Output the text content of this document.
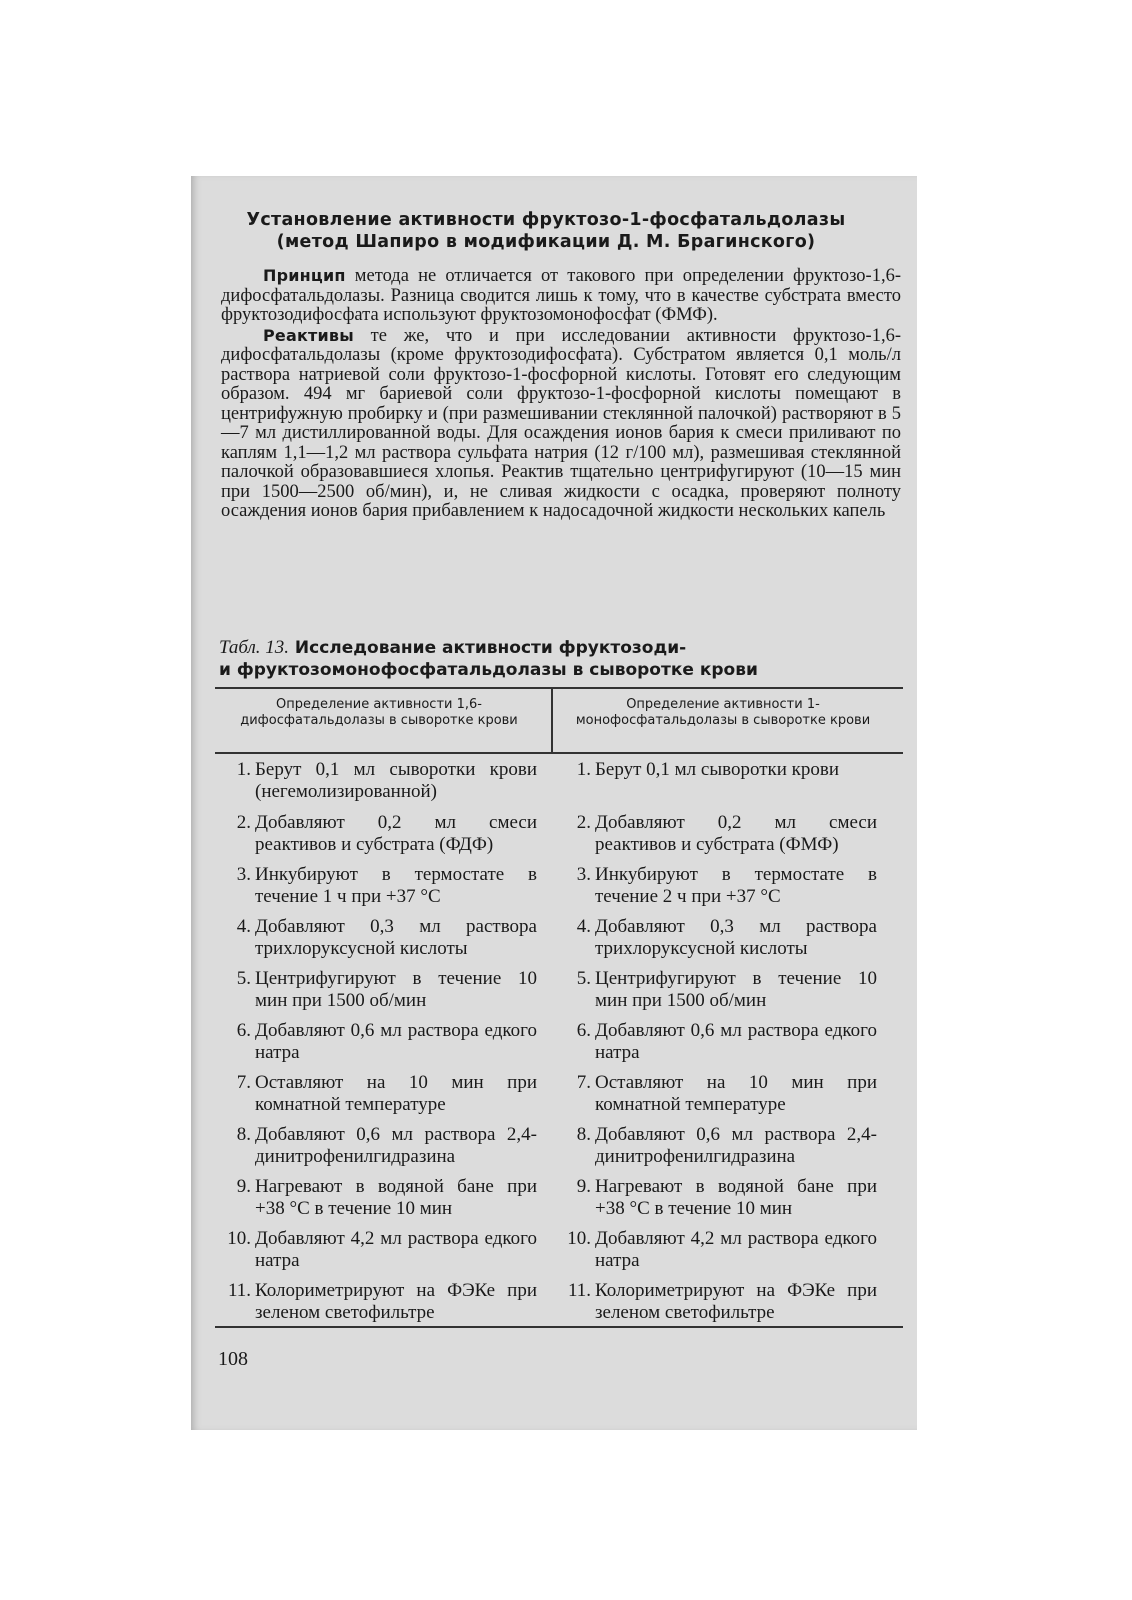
Установление активности фруктозо-1-фосфатальдолазы
(метод Шапиро в модификации Д. М. Брагинского)

Принцип метода не отличается от такового при определении фруктозо-1,6-дифосфатальдолазы. Разница сводится лишь к тому, что в качестве субстрата вместо фруктозодифосфата используют фруктозомонофосфат (ФМФ).

Реактивы те же, что и при исследовании активности фруктозо-1,6-дифосфатальдолазы (кроме фруктозодифосфата). Субстратом является 0,1 моль/л раствора натриевой соли фруктозо-1-фосфорной кислоты. Готовят его следующим образом. 494 мг бариевой соли фруктозо-1-фосфорной кислоты помещают в центрифужную пробирку и (при размешивании стеклянной палочкой) растворяют в 5—7 мл дистиллированной воды. Для осаждения ионов бария к смеси приливают по каплям 1,1—1,2 мл раствора сульфата натрия (12 г/100 мл), размешивая стеклянной палочкой образовавшиеся хлопья. Реактив тщательно центрифугируют (10—15 мин при 1500—2500 об/мин), и, не сливая жидкости с осадка, проверяют полноту осаждения ионов бария прибавлением к надосадочной жидкости нескольких капель

Табл. 13. Исследование активности фруктозоди-
и фруктозомонофосфатальдолазы в сыворотке крови
Определение активности 1,6-дифосфатальдолазы в сыворотке крови
Определение активности 1-монофосфатальдолазы в сыворотке крови
1. Берут 0,1 мл сыворотки крови (негемолизированной)
2. Добавляют 0,2 мл смеси реактивов и субстрата (ФДФ)
3. Инкубируют в термостате в течение 1 ч при +37 °С
4. Добавляют 0,3 мл раствора трихлоруксусной кислоты
5. Центрифугируют в течение 10 мин при 1500 об/мин
6. Добавляют 0,6 мл раствора едкого натра
7. Оставляют на 10 мин при комнатной температуре
8. Добавляют 0,6 мл раствора 2,4-динитрофенилгидразина
9. Нагревают в водяной бане при +38 °С в течение 10 мин
10. Добавляют 4,2 мл раствора едкого натра
11. Колориметрируют на ФЭКе при зеленом светофильтре
1. Берут 0,1 мл сыворотки крови
2. Добавляют 0,2 мл смеси реактивов и субстрата (ФМФ)
3. Инкубируют в термостате в течение 2 ч при +37 °С
4. Добавляют 0,3 мл раствора трихлоруксусной кислоты
5. Центрифугируют в течение 10 мин при 1500 об/мин
6. Добавляют 0,6 мл раствора едкого натра
7. Оставляют на 10 мин при комнатной температуре
8. Добавляют 0,6 мл раствора 2,4-динитрофенилгидразина
9. Нагревают в водяной бане при +38 °С в течение 10 мин
10. Добавляют 4,2 мл раствора едкого натра
11. Колориметрируют на ФЭКе при зеленом светофильтре
108
